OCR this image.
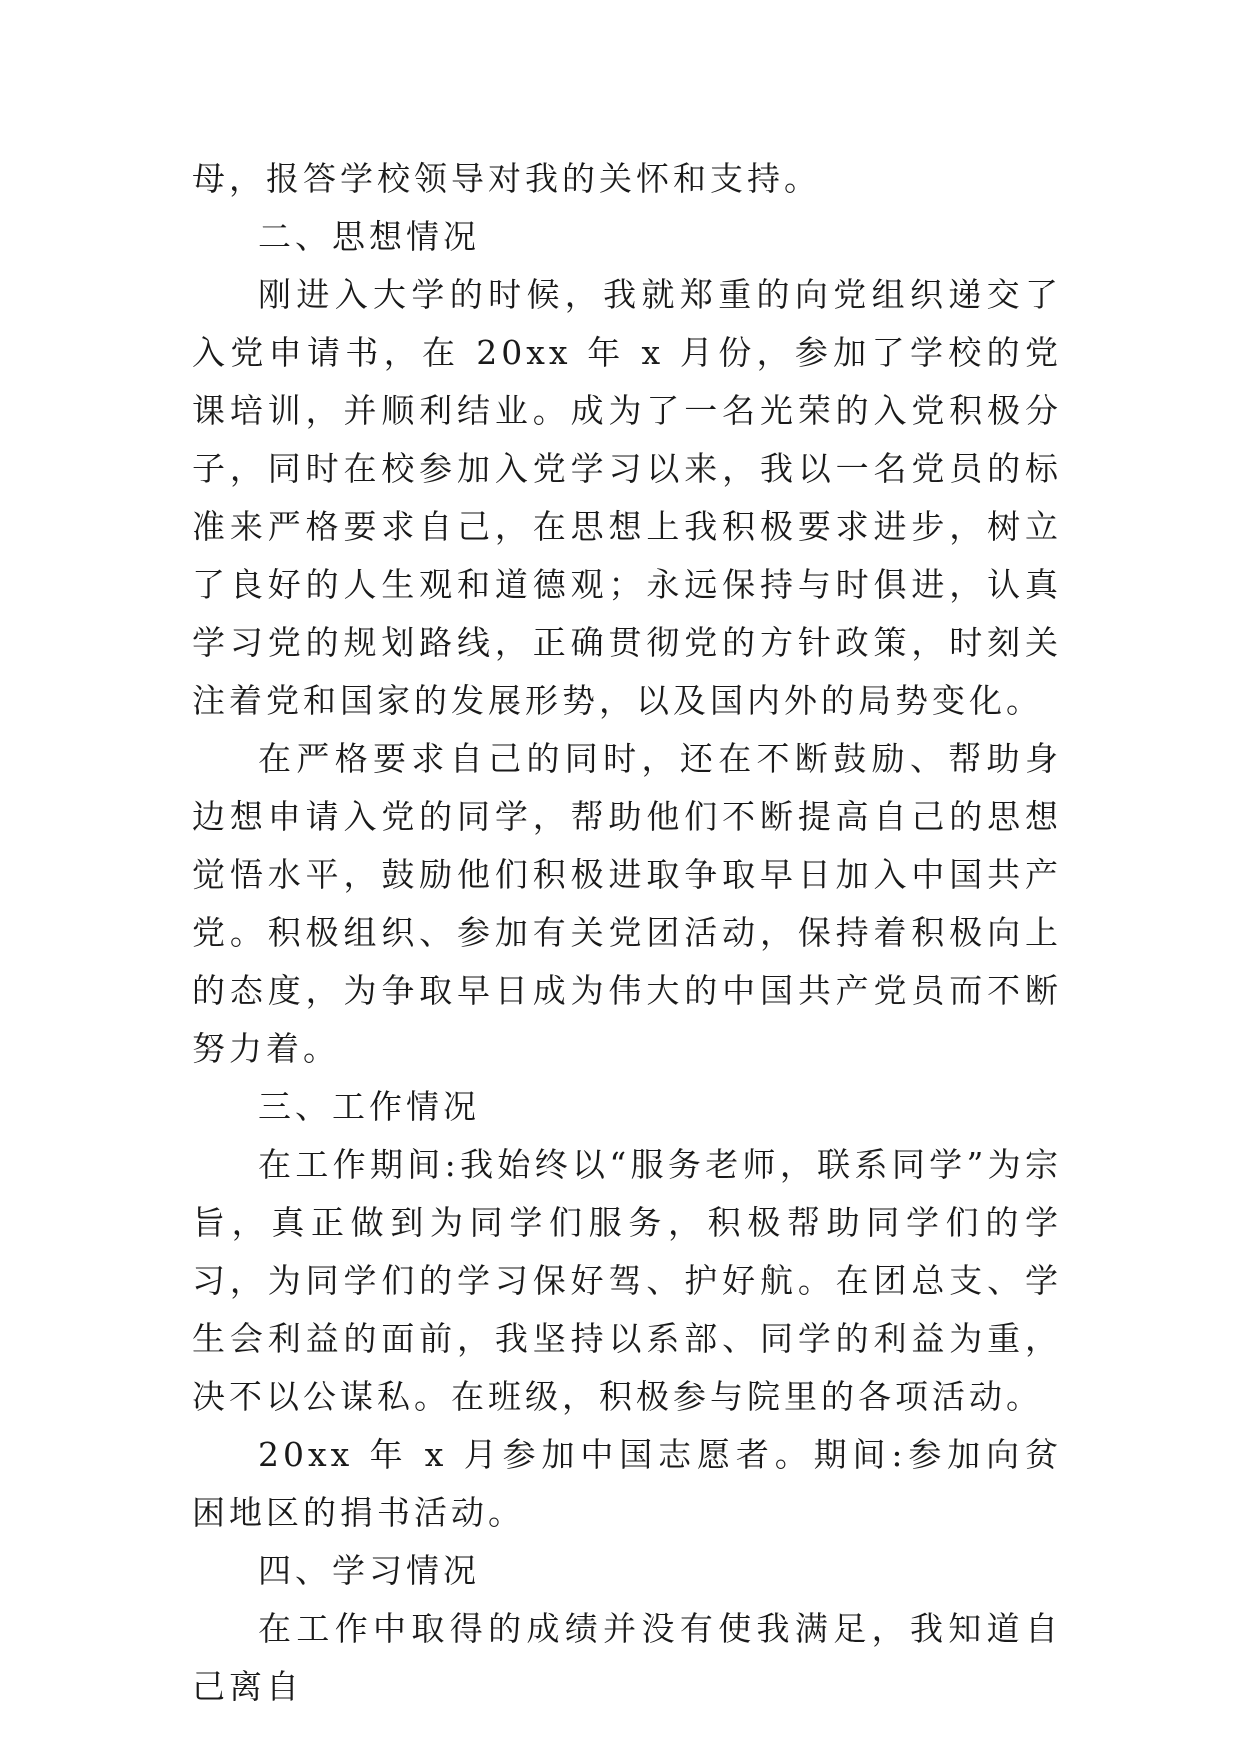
母，报答学校领导对我的关怀和支持。

二、思想情况

刚进入大学的时候，我就郑重的向党组织递交了入党申请书，在 20xx 年 x 月份，参加了学校的党课培训，并顺利结业。成为了一名光荣的入党积极分子，同时在校参加入党学习以来，我以一名党员的标准来严格要求自己，在思想上我积极要求进步，树立了良好的人生观和道德观；永远保持与时俱进，认真学习党的规划路线，正确贯彻党的方针政策，时刻关注着党和国家的发展形势，以及国内外的局势变化。

在严格要求自己的同时，还在不断鼓励、帮助身边想申请入党的同学，帮助他们不断提高自己的思想觉悟水平，鼓励他们积极进取争取早日加入中国共产党。积极组织、参加有关党团活动，保持着积极向上的态度，为争取早日成为伟大的中国共产党员而不断努力着。

三、工作情况

在工作期间:我始终以“服务老师，联系同学”为宗旨，真正做到为同学们服务，积极帮助同学们的学习，为同学们的学习保好驾、护好航。在团总支、学生会利益的面前，我坚持以系部、同学的利益为重，决不以公谋私。在班级，积极参与院里的各项活动。

20xx 年 x 月参加中国志愿者。期间:参加向贫困地区的捐书活动。

四、学习情况

在工作中取得的成绩并没有使我满足，我知道自己离自
